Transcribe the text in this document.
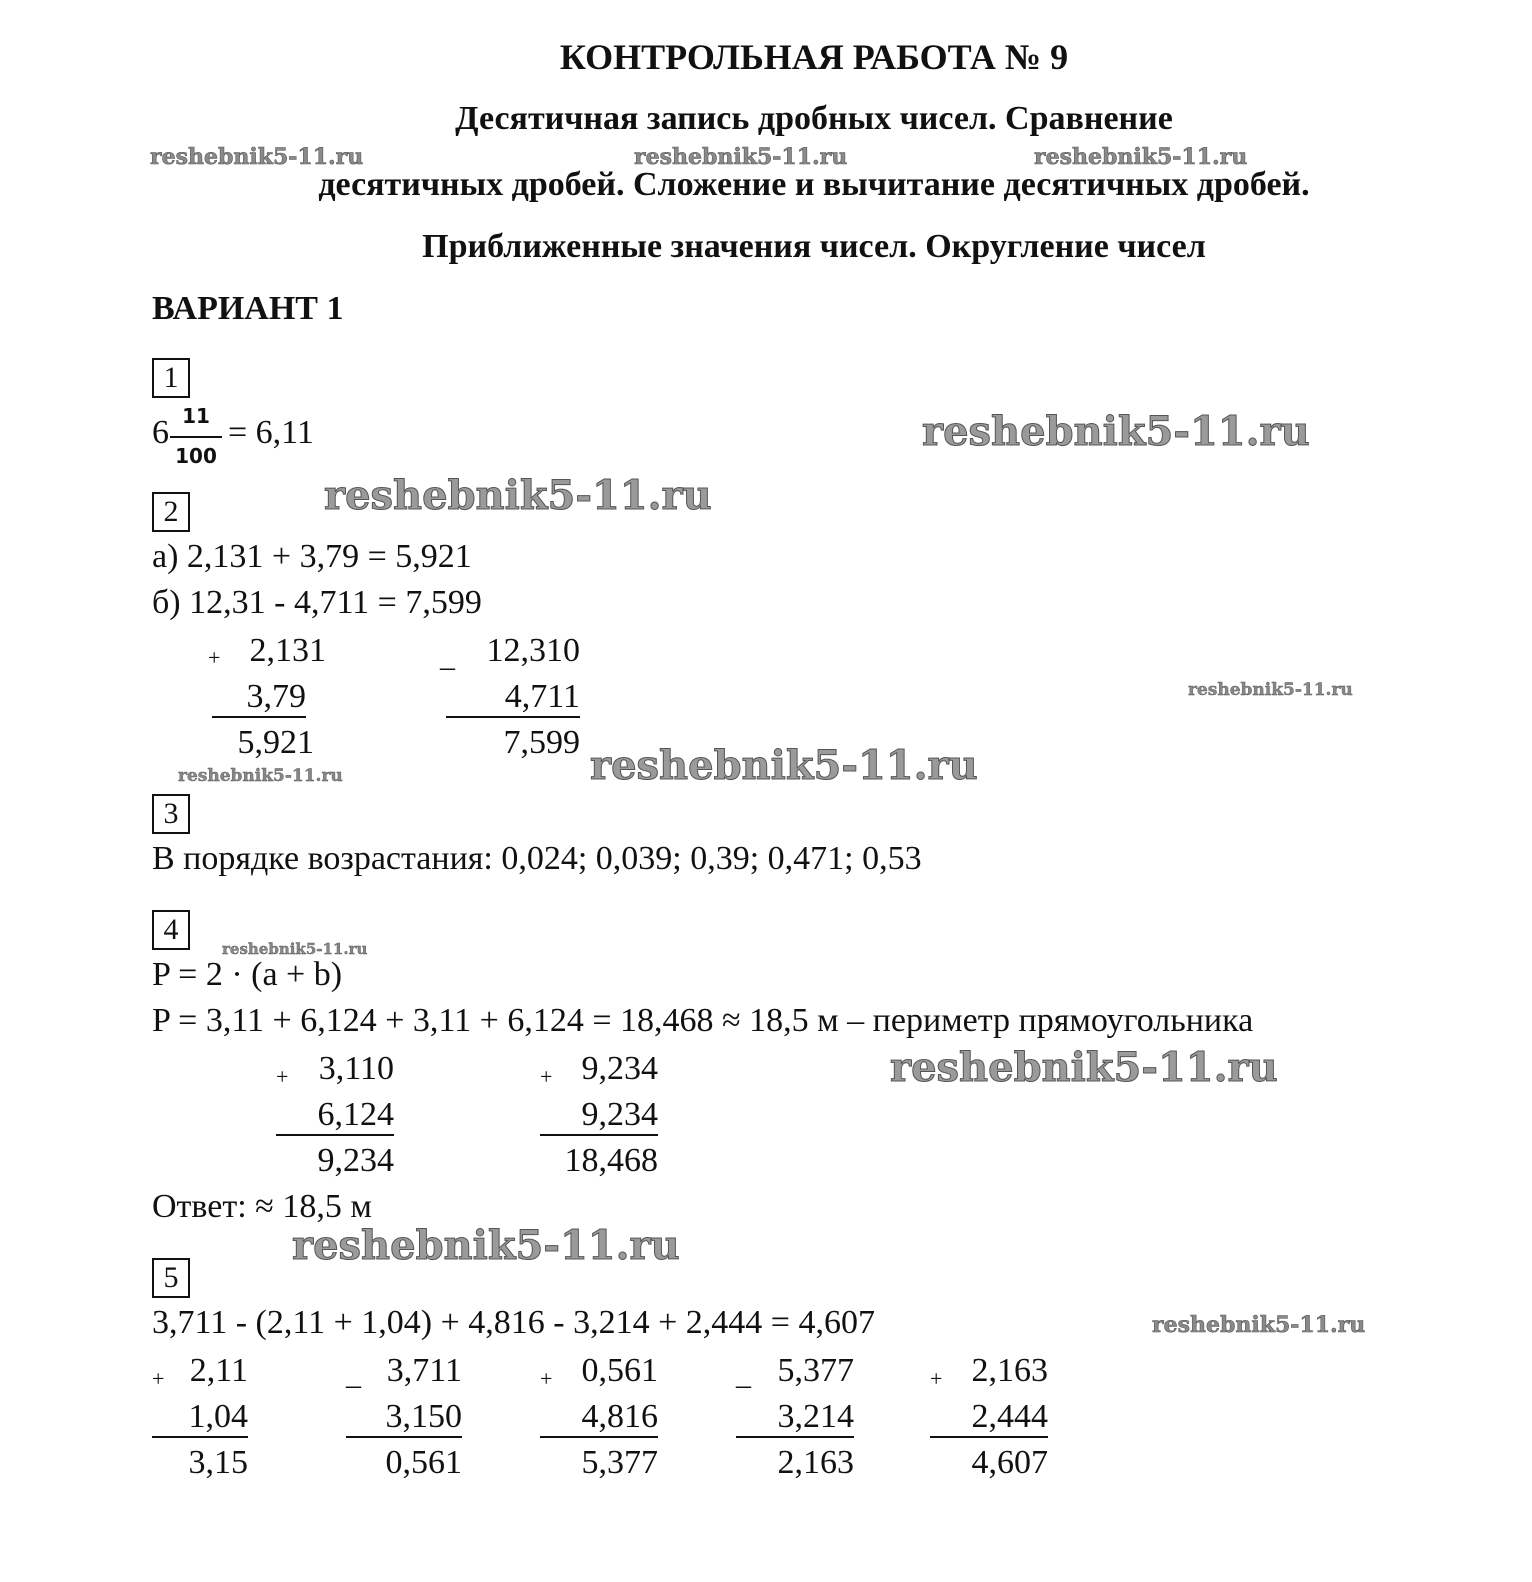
КОНТРОЛЬНАЯ РАБОТА № 9
Десятичная запись дробных чисел. Сравнение
десятичных дробей. Сложение и вычитание десятичных дробей.
Приближенные значения чисел. Округление чисел
ВАРИАНТ 1
reshebnik5-11.ru	reshebnik5-11.ru	reshebnik5-11.ru
reshebnik5-11.ru
reshebnik5-11.ru
reshebnik5-11.ru
reshebnik5-11.ru	reshebnik5-11.ru
reshebnik5-11.ru
reshebnik5-11.ru
reshebnik5-11.ru
reshebnik5-11.ru
1
6 11
100
= 6,11
2
а) 2,131 + 3,79 = 5,921
б) 12,31 - 4,711 = 7,599
+ 2,131
3,79
5,921
_ 12,310
4,711
7,599
3
В порядке возрастания: 0,024; 0,039; 0,39; 0,471; 0,53
4
P = 2 · (a + b)
P = 3,11 + 6,124 + 3,11 + 6,124 = 18,468 ≈ 18,5 м – периметр прямоугольника
+ 3,110
6,124
9,234
+ 9,234
9,234
18,468
Ответ: ≈ 18,5 м
5
3,711 - (2,11 + 1,04) + 4,816 - 3,214 + 2,444 = 4,607
+ 2,11
1,04
3,15
_ 3,711
3,150
0,561
+ 0,561
4,816
5,377
_ 5,377
3,214
2,163
+ 2,163
2,444
4,607
